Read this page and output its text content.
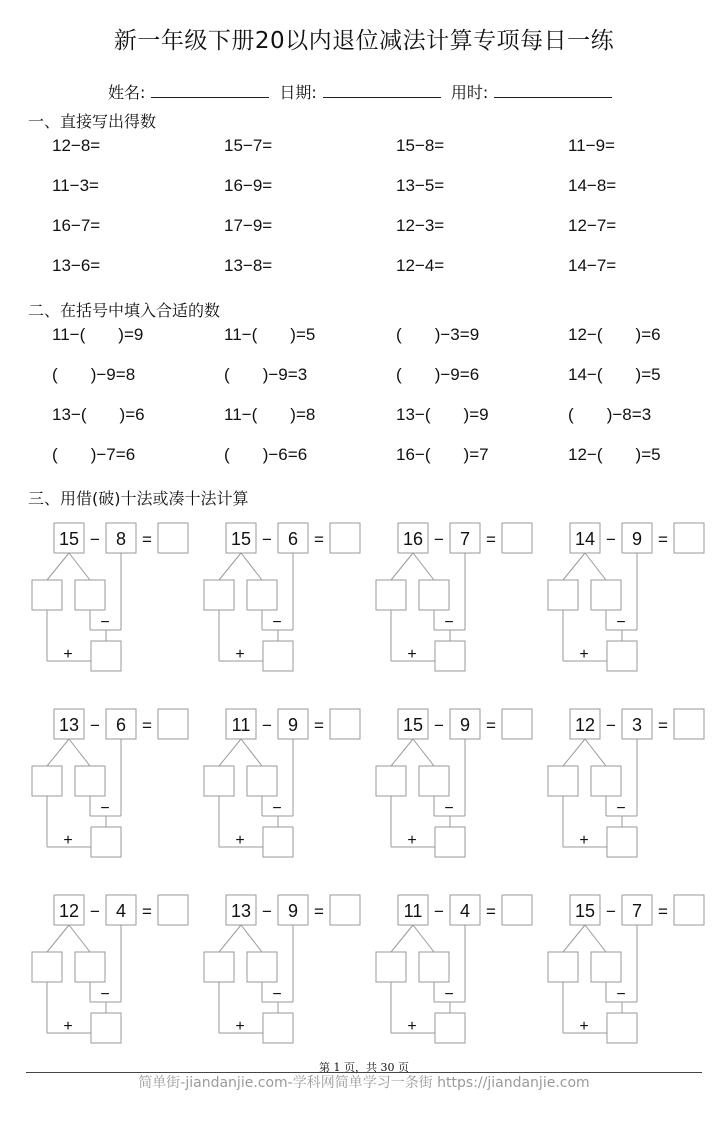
新一年级下册20以内退位减法计算专项每日一练
姓名:	日期:	用时:
一、直接写出得数
12−8=	15−7=	15−8=	11−9=
11−3=	16−9=	13−5=	14−8=
16−7=	17−9=	12−3=	12−7=
13−6=	13−8=	12−4=	14−7=
二、在括号中填入合适的数
11−(       )=9	11−(       )=5	(       )−3=9	12−(       )=6
(       )−9=8	(       )−9=3	(       )−9=6	14−(       )=5
13−(       )=6	11−(       )=8	13−(       )=9	(       )−8=3
(       )−7=6	(       )−6=6	16−(       )=7	12−(       )=5
三、用借(破)十法或凑十法计算
15 − 8 =
−
+
15 − 6 =
−
+
16 − 7 =
−
+
14 − 9 =
−
+
13 − 6 =
−
+
11 − 9 =
−
+
15 − 9 =
−
+
12 − 3 =
−
+
12 − 4 =
−
+
13 − 9 =
−
+
11 − 4 =
−
+
15 − 7 =
−
+
第 1 页，共 30 页
简单街-jiandanjie.com-学科网简单学习一条街 https://jiandanjie.com
